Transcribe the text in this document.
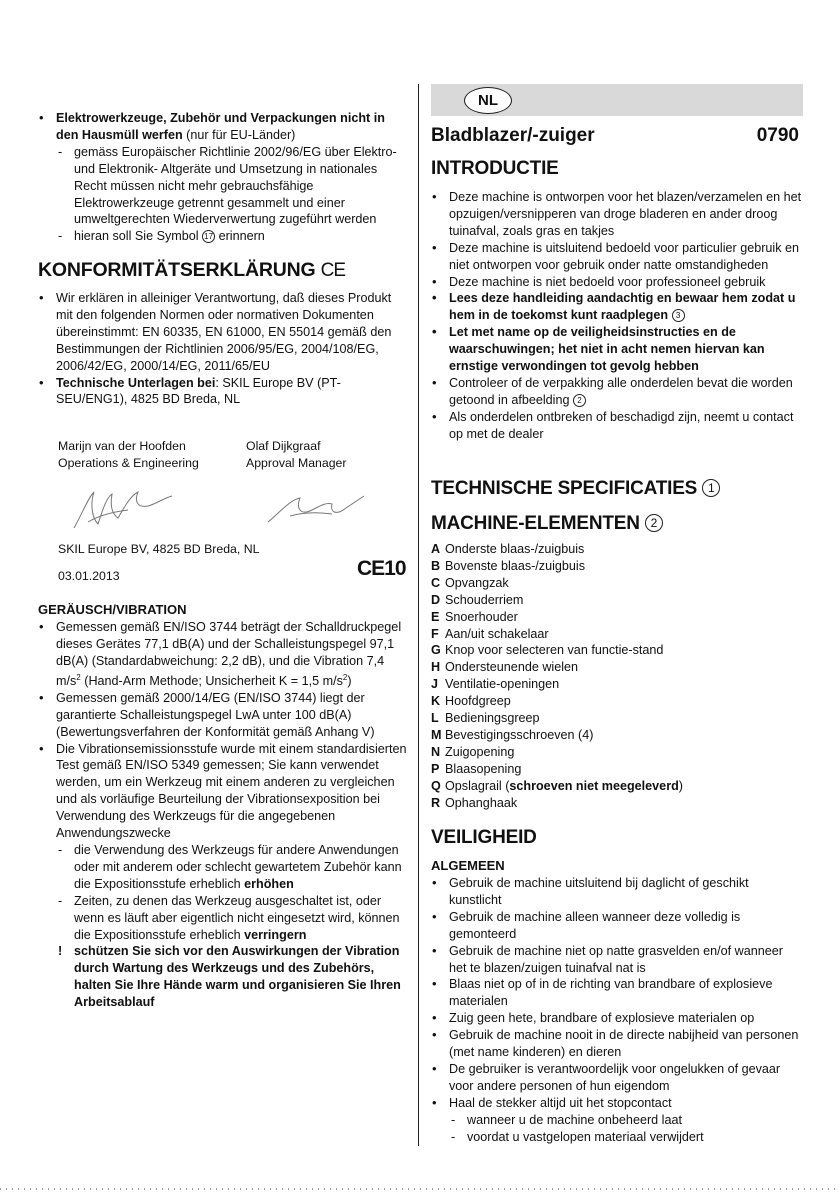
• Elektrowerkzeuge, Zubehör und Verpackungen nicht in den Hausmüll werfen (nur für EU-Länder)
- gemäss Europäischer Richtlinie 2002/96/EG über Elektro- und Elektronik- Altgeräte und Umsetzung in nationales Recht müssen nicht mehr gebrauchsfähige Elektrowerkzeuge getrennt gesammelt und einer umweltgerechten Wiederverwertung zugeführt werden
- hieran soll Sie Symbol 17 erinnern
KONFORMITÄTSERKLÄRUNG CE
• Wir erklären in alleiniger Verantwortung, daß dieses Produkt mit den folgenden Normen oder normativen Dokumenten übereinstimmt: EN 60335, EN 61000, EN 55014 gemäß den Bestimmungen der Richtlinien 2006/95/EG, 2004/108/EG, 2006/42/EG, 2000/14/EG, 2011/65/EU
• Technische Unterlagen bei: SKIL Europe BV (PT-SEU/ENG1), 4825 BD Breda, NL
Marijn van der Hoofden
Operations & Engineering
Olaf Dijkgraaf
Approval Manager
SKIL Europe BV, 4825 BD Breda, NL
03.01.2013	CE10
GERÄUSCH/VIBRATION
• Gemessen gemäß EN/ISO 3744 beträgt der Schalldruckpegel dieses Gerätes 77,1 dB(A) und der Schalleistungspegel 97,1 dB(A) (Standardabweichung: 2,2 dB), und die Vibration 7,4 $m/s^2$ (Hand-Arm Methode; Unsicherheit K = 1,5 $m/s^2$)
• Gemessen gemäß 2000/14/EG (EN/ISO 3744) liegt der garantierte Schalleistungspegel LwA unter 100 dB(A) (Bewertungsverfahren der Konformität gemäß Anhang V)
• Die Vibrationsemissionsstufe wurde mit einem standardisierten Test gemäß EN/ISO 5349 gemessen; Sie kann verwendet werden, um ein Werkzeug mit einem anderen zu vergleichen und als vorläufige Beurteilung der Vibrationsexposition bei Verwendung des Werkzeugs für die angegebenen Anwendungszwecke
- die Verwendung des Werkzeugs für andere Anwendungen oder mit anderem oder schlecht gewartetem Zubehör kann die Expositionsstufe erheblich erhöhen
- Zeiten, zu denen das Werkzeug ausgeschaltet ist, oder wenn es läuft aber eigentlich nicht eingesetzt wird, können die Expositionsstufe erheblich verringern
! schützen Sie sich vor den Auswirkungen der Vibration durch Wartung des Werkzeugs und des Zubehörs, halten Sie Ihre Hände warm und organisieren Sie Ihren Arbeitsablauf
NL
Bladblazer/-zuiger	0790
INTRODUCTIE
• Deze machine is ontworpen voor het blazen/verzamelen en het opzuigen/versnipperen van droge bladeren en ander droog tuinafval, zoals gras en takjes
• Deze machine is uitsluitend bedoeld voor particulier gebruik en niet ontworpen voor gebruik onder natte omstandigheden
• Deze machine is niet bedoeld voor professioneel gebruik
• Lees deze handleiding aandachtig en bewaar hem zodat u hem in de toekomst kunt raadplegen 3
• Let met name op de veiligheidsinstructies en de waarschuwingen; het niet in acht nemen hiervan kan ernstige verwondingen tot gevolg hebben
• Controleer of de verpakking alle onderdelen bevat die worden getoond in afbeelding 2
• Als onderdelen ontbreken of beschadigd zijn, neemt u contact op met de dealer
TECHNISCHE SPECIFICATIES 1
MACHINE-ELEMENTEN 2
A Onderste blaas-/zuigbuis
B Bovenste blaas-/zuigbuis
C Opvangzak
D Schouderriem
E Snoerhouder
F Aan/uit schakelaar
G Knop voor selecteren van functie-stand
H Ondersteunende wielen
J Ventilatie-openingen
K Hoofdgreep
L Bedieningsgreep
M Bevestigingsschroeven (4)
N Zuigopening
P Blaasopening
Q Opslagrail (schroeven niet meegeleverd)
R Ophanghaak
VEILIGHEID
ALGEMEEN
• Gebruik de machine uitsluitend bij daglicht of geschikt kunstlicht
• Gebruik de machine alleen wanneer deze volledig is gemonteerd
• Gebruik de machine niet op natte grasvelden en/of wanneer het te blazen/zuigen tuinafval nat is
• Blaas niet op of in de richting van brandbare of explosieve materialen
• Zuig geen hete, brandbare of explosieve materialen op
• Gebruik de machine nooit in de directe nabijheid van personen (met name kinderen) en dieren
• De gebruiker is verantwoordelijk voor ongelukken of gevaar voor andere personen of hun eigendom
• Haal de stekker altijd uit het stopcontact
- wanneer u de machine onbeheerd laat
- voordat u vastgelopen materiaal verwijdert
